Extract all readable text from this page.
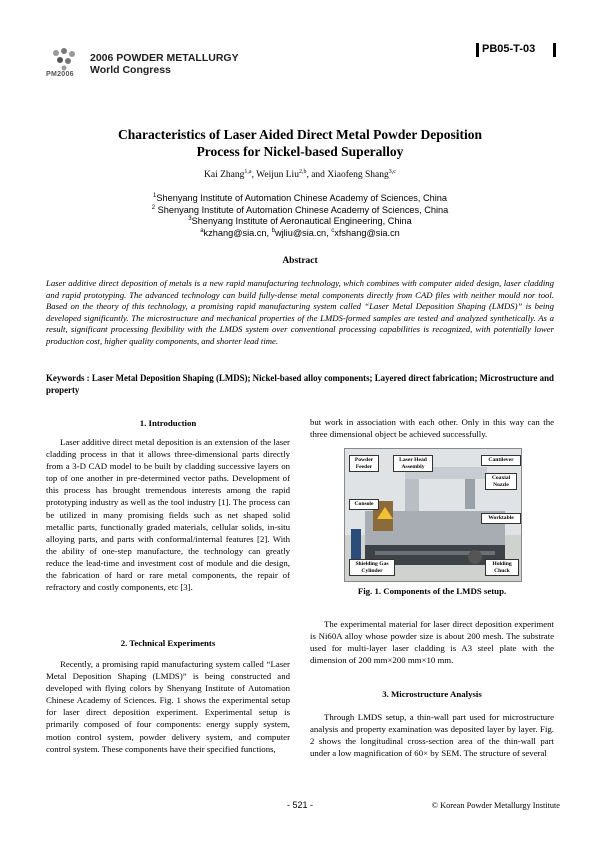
PM2006
2006 POWDER METALLURGY
World Congress
PB05-T-03
Characteristics of Laser Aided Direct Metal Powder Deposition
Process for Nickel-based Superalloy
Kai Zhang$^{1,a}$, Weijun Liu$^{2,b}$, and Xiaofeng Shang$^{3,c}$
$^1$Shenyang Institute of Automation Chinese Academy of Sciences, China
$^2$ Shenyang Institute of Automation Chinese Academy of Sciences, China
$^3$Shenyang Institute of Aeronautical Engineering, China
$^a$kzhang@sia.cn, $^b$wjliu@sia.cn, $^c$xfshang@sia.cn
Abstract
Laser additive direct deposition of metals is a new rapid manufacturing technology, which combines with computer aided design, laser cladding and rapid prototyping. The advanced technology can build fully-dense metal components directly from CAD files with neither mould nor tool. Based on the theory of this technology, a promising rapid manufacturing system called “Laser Metal Deposition Shaping (LMDS)” is being developed significantly. The microstructure and mechanical properties of the LMDS-formed samples are tested and analyzed synthetically. As a result, significant processing flexibility with the LMDS system over conventional processing capabilities is recognized, with potentially lower production cost, higher quality components, and shorter lead time.
Keywords : Laser Metal Deposition Shaping (LMDS); Nickel-based alloy components; Layered direct fabrication; Microstructure and property
1. Introduction

Laser additive direct metal deposition is an extension of the laser cladding process in that it allows three-dimensional parts directly from a 3-D CAD model to be built by cladding successive layers on top of one another in pre-determined vector paths. Development of this process has brought tremendous interests among the rapid prototyping industry as well as the tool industry [1]. The process can be utilized in many promising fields such as net shaped solid metallic parts, functionally graded materials, cellular solids, in-situ alloying parts, and parts with conformal/internal features [2]. With the ability of one-step manufacture, the technology can greatly reduce the lead-time and investment cost of module and die design, the fabrication of hard or rare metal components, the repair of refractory and costly components, etc [3].

2. Technical Experiments

Recently, a promising rapid manufacturing system called “Laser Metal Deposition Shaping (LMDS)” is being constructed and developed with flying colors by Shenyang Institute of Automation Chinese Academy of Sciences. Fig. 1 shows the experimental setup for laser direct deposition experiment. Experimental setup is primarily composed of four components: energy supply system, motion control system, powder delivery system, and computer control system. These components have their specified functions,

but work in association with each other. Only in this way can the three dimensional object be achieved successfully.

Powder Feeder
Laser Head Assembly
Cantilever
Coaxial Nozzle
Console
Worktable
Shielding Gas Cylinder
Holding Chuck
Fig. 1. Components of the LMDS setup.

The experimental material for laser direct deposition experiment is Ni60A alloy whose powder size is about 200 mesh. The substrate used for multi-layer laser cladding is A3 steel plate with the dimension of 200 mm×200 mm×10 mm.

3. Microstructure Analysis

Through LMDS setup, a thin-wall part used for microstructure analysis and property examination was deposited layer by layer. Fig. 2 shows the longitudinal cross-section area of the thin-wall part under a low magnification of 60× by SEM. The structure of several

- 521 -	© Korean Powder Metallurgy Institute
